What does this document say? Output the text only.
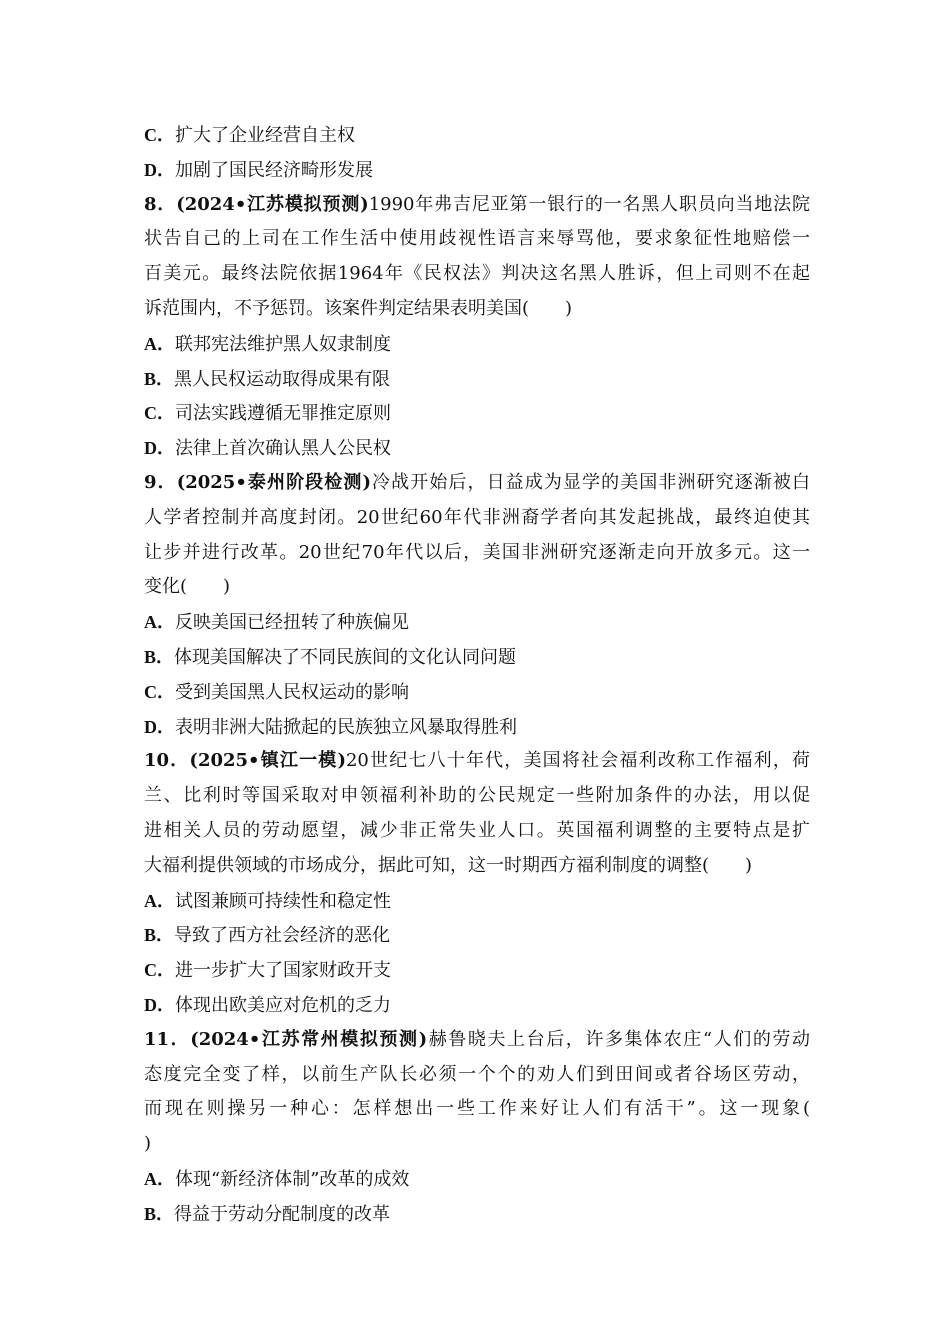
C．扩大了企业经营自主权
D．加剧了国民经济畸形发展
8．(2024•江苏模拟预测)1990年弗吉尼亚第一银行的一名黑人职员向当地法院
状告自己的上司在工作生活中使用歧视性语言来辱骂他，要求象征性地赔偿一
百美元。最终法院依据1964年《民权法》判决这名黑人胜诉，但上司则不在起
诉范围内，不予惩罚。该案件判定结果表明美国(　　)
A．联邦宪法维护黑人奴隶制度
B．黑人民权运动取得成果有限
C．司法实践遵循无罪推定原则
D．法律上首次确认黑人公民权
9．(2025•泰州阶段检测)冷战开始后，日益成为显学的美国非洲研究逐渐被白
人学者控制并高度封闭。20世纪60年代非洲裔学者向其发起挑战，最终迫使其
让步并进行改革。20世纪70年代以后，美国非洲研究逐渐走向开放多元。这一
变化(　　)
A．反映美国已经扭转了种族偏见
B．体现美国解决了不同民族间的文化认同问题
C．受到美国黑人民权运动的影响
D．表明非洲大陆掀起的民族独立风暴取得胜利
10．(2025•镇江一模)20世纪七八十年代，美国将社会福利改称工作福利，荷
兰、比利时等国采取对申领福利补助的公民规定一些附加条件的办法，用以促
进相关人员的劳动愿望，减少非正常失业人口。英国福利调整的主要特点是扩
大福利提供领域的市场成分，据此可知，这一时期西方福利制度的调整(　　)
A．试图兼顾可持续性和稳定性
B．导致了西方社会经济的恶化
C．进一步扩大了国家财政开支
D．体现出欧美应对危机的乏力
11．(2024•江苏常州模拟预测)赫鲁晓夫上台后，许多集体农庄“人们的劳动
态度完全变了样，以前生产队长必须一个个的劝人们到田间或者谷场区劳动，
而现在则操另一种心：怎样想出一些工作来好让人们有活干”。这一现象(
)
A．体现“新经济体制”改革的成效
B．得益于劳动分配制度的改革
